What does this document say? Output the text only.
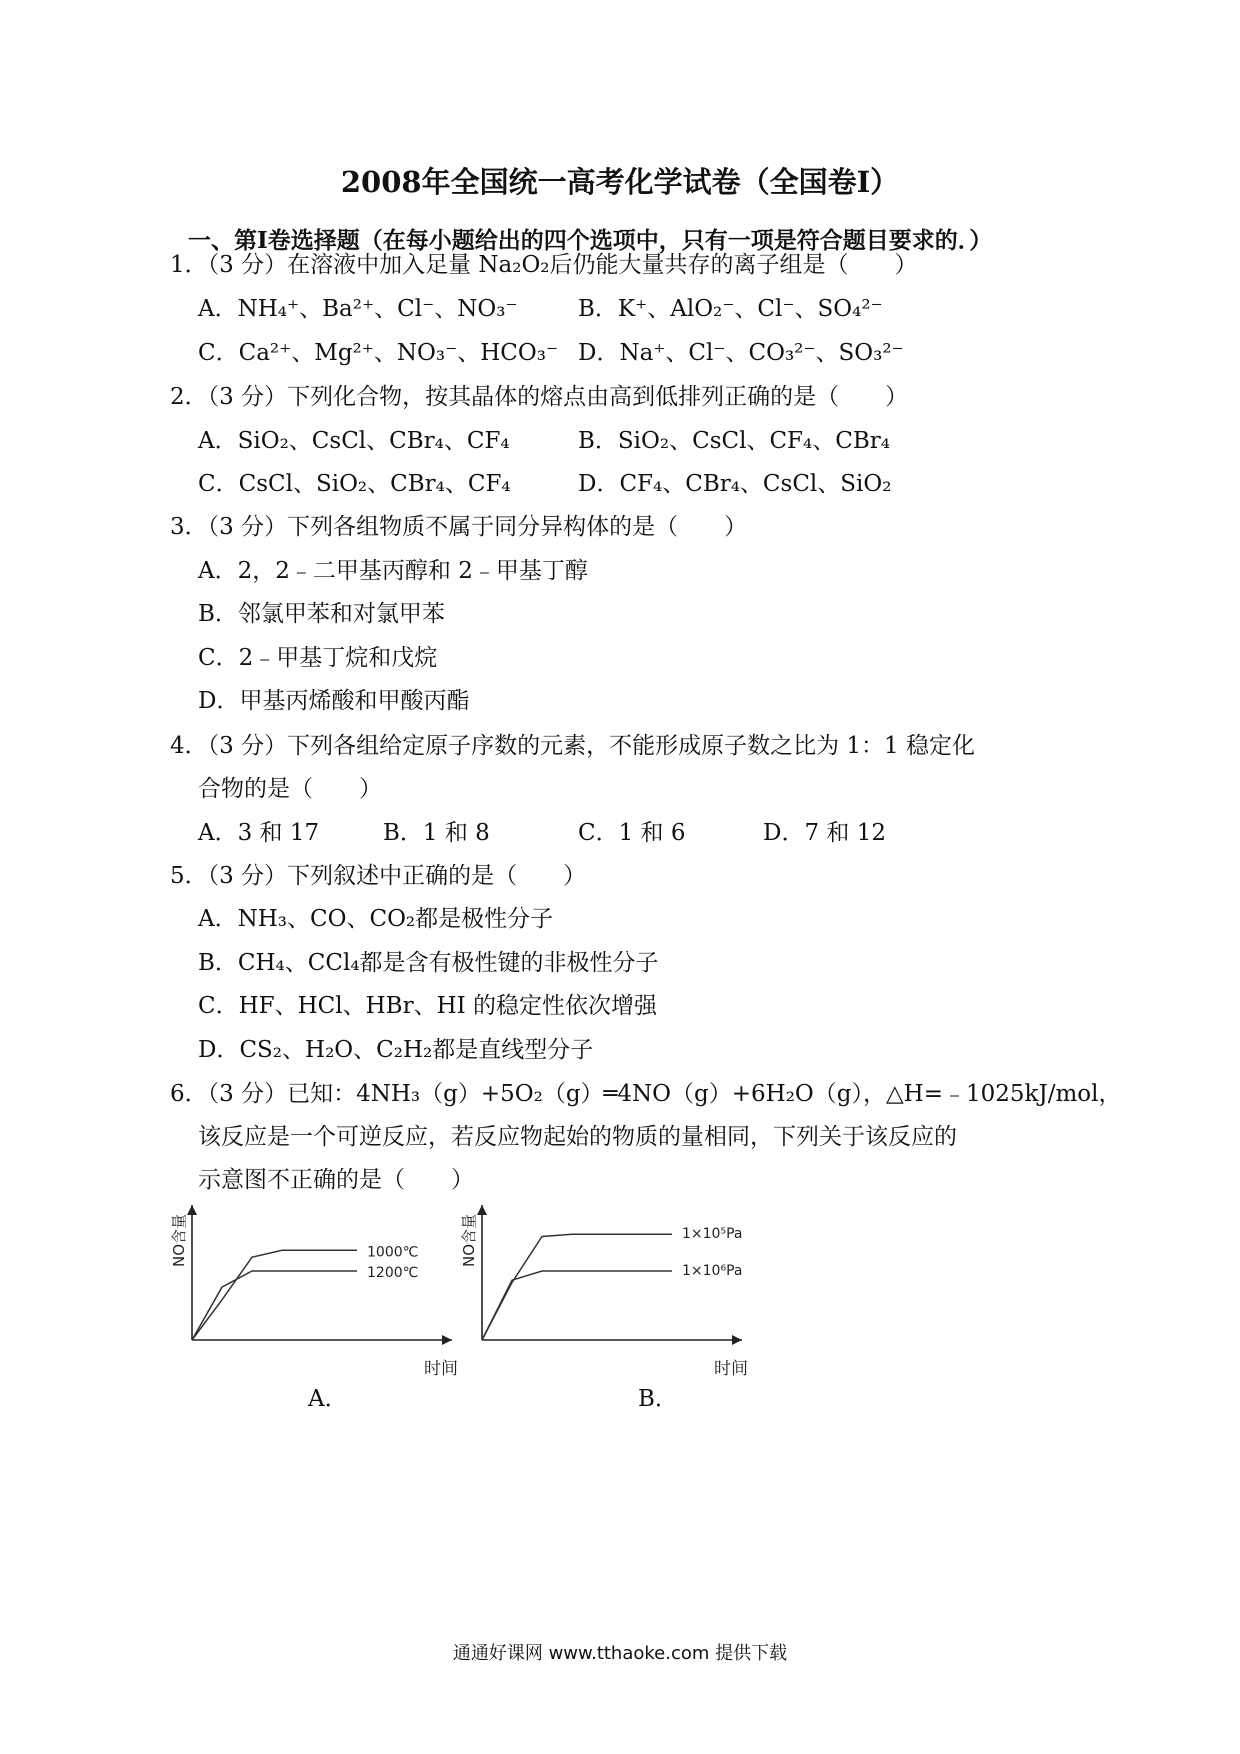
2008年全国统一高考化学试卷（全国卷I）
一、第I卷选择题（在每小题给出的四个选项中，只有一项是符合题目要求的．）
1．（3 分）在溶液中加入足量 Na₂O₂后仍能大量共存的离子组是（　　）
A．NH₄⁺、Ba²⁺、Cl⁻、NO₃⁻	B．K⁺、AlO₂⁻、Cl⁻、SO₄²⁻
C．Ca²⁺、Mg²⁺、NO₃⁻、HCO₃⁻ D．Na⁺、Cl⁻、CO₃²⁻、SO₃²⁻
2．（3 分）下列化合物，按其晶体的熔点由高到低排列正确的是（　　）
A．SiO₂、CsCl、CBr₄、CF₄	B．SiO₂、CsCl、CF₄、CBr₄
C．CsCl、SiO₂、CBr₄、CF₄	D．CF₄、CBr₄、CsCl、SiO₂
3．（3 分）下列各组物质不属于同分异构体的是（　　）
A．2，2﹣二甲基丙醇和 2﹣甲基丁醇
B．邻氯甲苯和对氯甲苯
C．2﹣甲基丁烷和戊烷
D．甲基丙烯酸和甲酸丙酯
4．（3 分）下列各组给定原子序数的元素，不能形成原子数之比为 1：1 稳定化
合物的是（　　）
A．3 和 17	B．1 和 8	C．1 和 6	D．7 和 12
5．（3 分）下列叙述中正确的是（　　）
A．NH₃、CO、CO₂都是极性分子
B．CH₄、CCl₄都是含有极性键的非极性分子
C．HF、HCl、HBr、HI 的稳定性依次增强
D．CS₂、H₂O、C₂H₂都是直线型分子
6．（3 分）已知：4NH₃（g）+5O₂（g）═4NO（g）+6H₂O（g），△H=﹣1025kJ/mol，
该反应是一个可逆反应，若反应物起始的物质的量相同，下列关于该反应的
示意图不正确的是（　　）
NO含量
时间
1000℃
1200℃
NO含量
时间
1×10⁵Pa
1×10⁶Pa
A．	B．
通通好课网 www.tthaoke.com 提供下载
